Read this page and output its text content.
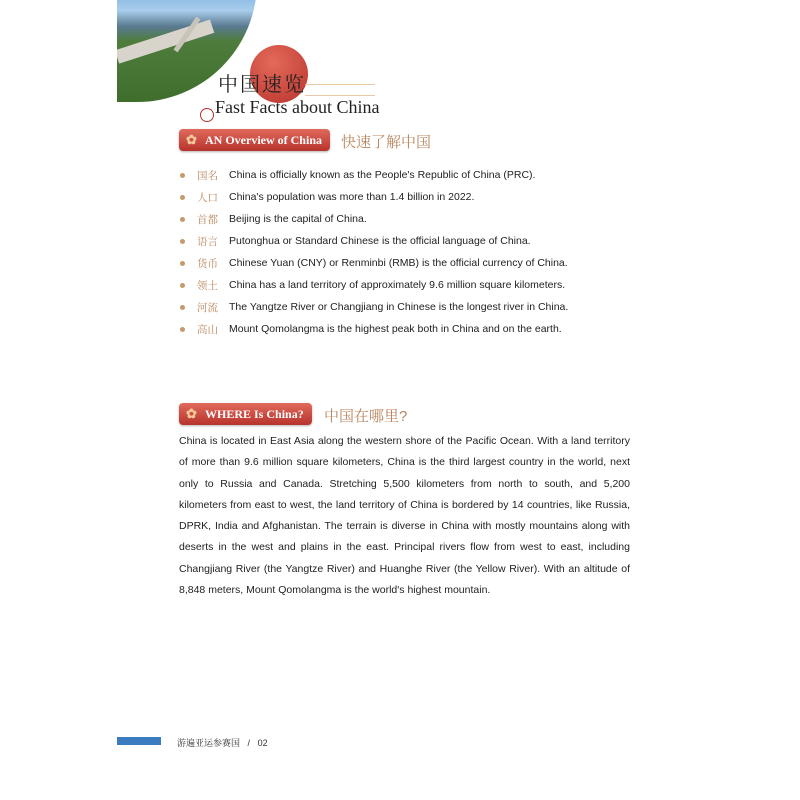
中国速览
Fast Facts about China
✿ AN Overview of China	快速了解中国
国名	China is officially known as the People's Republic of China (PRC).
人口	China's population was more than 1.4 billion in 2022.
首都	Beijing is the capital of China.
语言	Putonghua or Standard Chinese is the official language of China.
货币	Chinese Yuan (CNY) or Renminbi (RMB) is the official currency of China.
领土	China has a land territory of approximately 9.6 million square kilometers.
河流	The Yangtze River or Changjiang in Chinese is the longest river in China.
高山	Mount Qomolangma is the highest peak both in China and on the earth.
✿ WHERE Is China?	中国在哪里?
China is located in East Asia along the western shore of the Pacific Ocean. With a land territory of more than 9.6 million square kilometers, China is the third largest country in the world, next only to Russia and Canada. Stretching 5,500 kilometers from north to south, and 5,200 kilometers from east to west, the land territory of China is bordered by 14 countries, like Russia, DPRK, India and Afghanistan. The terrain is diverse in China with mostly mountains along with deserts in the west and plains in the east. Principal rivers flow from west to east, including Changjiang River (the Yangtze River) and Huanghe River (the Yellow River). With an altitude of 8,848 meters, Mount Qomolangma is the world's highest mountain.
游遍亚运参赛国 / 02
